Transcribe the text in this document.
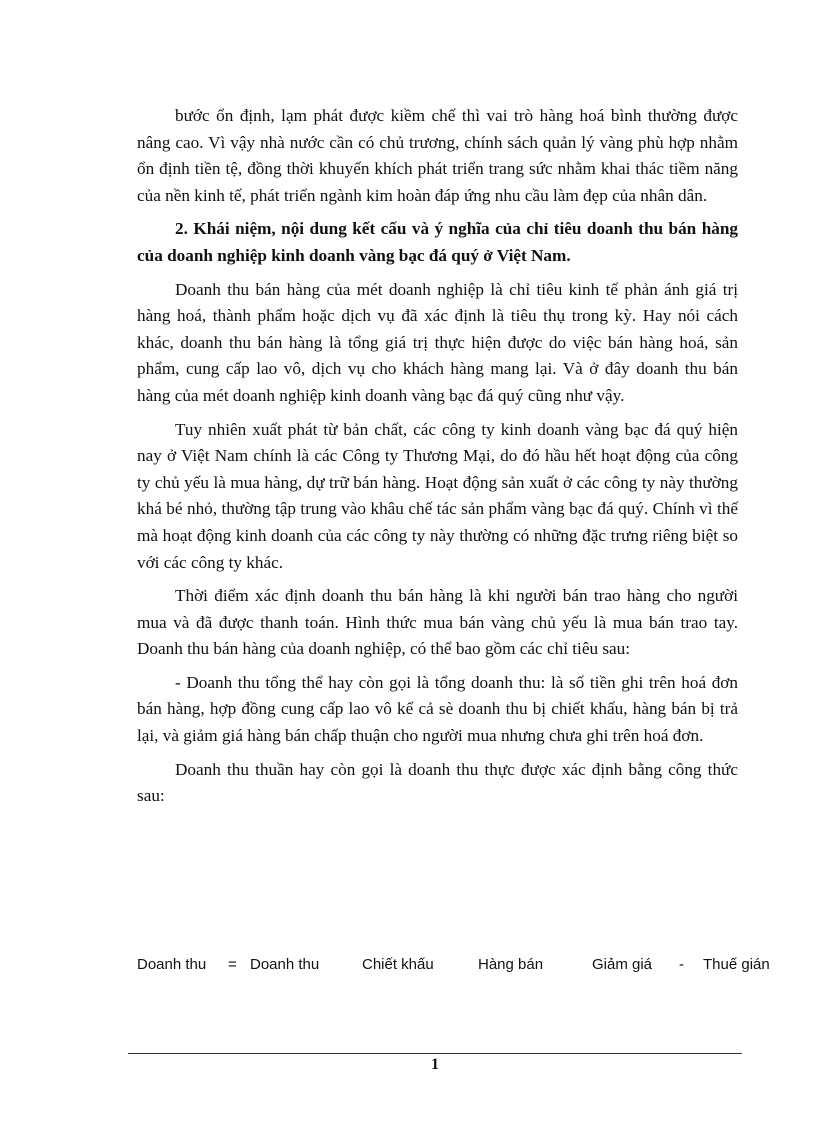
bước ổn định, lạm phát được kiềm chế thì vai trò hàng hoá bình thường được nâng cao. Vì vậy nhà nước cần có chủ trương, chính sách quản lý vàng phù hợp nhằm ổn định tiền tệ, đồng thời khuyến khích phát triển trang sức nhằm khai thác tiềm năng của nền kinh tế, phát triển ngành kim hoàn đáp ứng nhu cầu làm đẹp của nhân dân.

2. Khái niệm, nội dung kết cấu và ý nghĩa của chỉ tiêu doanh thu bán hàng của doanh nghiệp kinh doanh vàng bạc đá quý ở Việt Nam.

Doanh thu bán hàng của mét doanh nghiệp là chỉ tiêu kinh tế phản ánh giá trị hàng hoá, thành phẩm hoặc dịch vụ đã xác định là tiêu thụ trong kỳ. Hay nói cách khác, doanh thu bán hàng là tổng giá trị thực hiện được do việc bán hàng hoá, sản phẩm, cung cấp lao vô, dịch vụ cho khách hàng mang lại. Và ở đây doanh thu bán hàng của mét doanh nghiệp kinh doanh vàng bạc đá quý cũng như vậy.

Tuy nhiên xuất phát từ bản chất, các công ty kinh doanh vàng bạc đá quý hiện nay ở Việt Nam chính là các Công ty Thương Mại, do đó hầu hết hoạt động của công ty chủ yếu là mua hàng, dự trữ bán hàng. Hoạt động sản xuất ở các công ty này thường khá bé nhỏ, thường tập trung vào khâu chế tác sản phẩm vàng bạc đá quý. Chính vì thế mà hoạt động kinh doanh của các công ty này thường có những đặc trưng riêng biệt so với các công ty khác.

Thời điểm xác định doanh thu bán hàng là khi người bán trao hàng cho người mua và đã được thanh toán. Hình thức mua bán vàng chủ yếu là mua bán trao tay. Doanh thu bán hàng của doanh nghiệp, có thể bao gồm các chỉ tiêu sau:

- Doanh thu tổng thể hay còn gọi là tổng doanh thu: là số tiền ghi trên hoá đơn bán hàng, hợp đồng cung cấp lao vô kể cả sè doanh thu bị chiết khấu, hàng bán bị trả lại, và giảm giá hàng bán chấp thuận cho người mua nhưng chưa ghi trên hoá đơn.

Doanh thu thuần hay còn gọi là doanh thu thực được xác định bằng công thức sau:

Doanh thu = Doanh thu	Chiết khấu	Hàng bán	Giảm giá - Thuế gián
1
